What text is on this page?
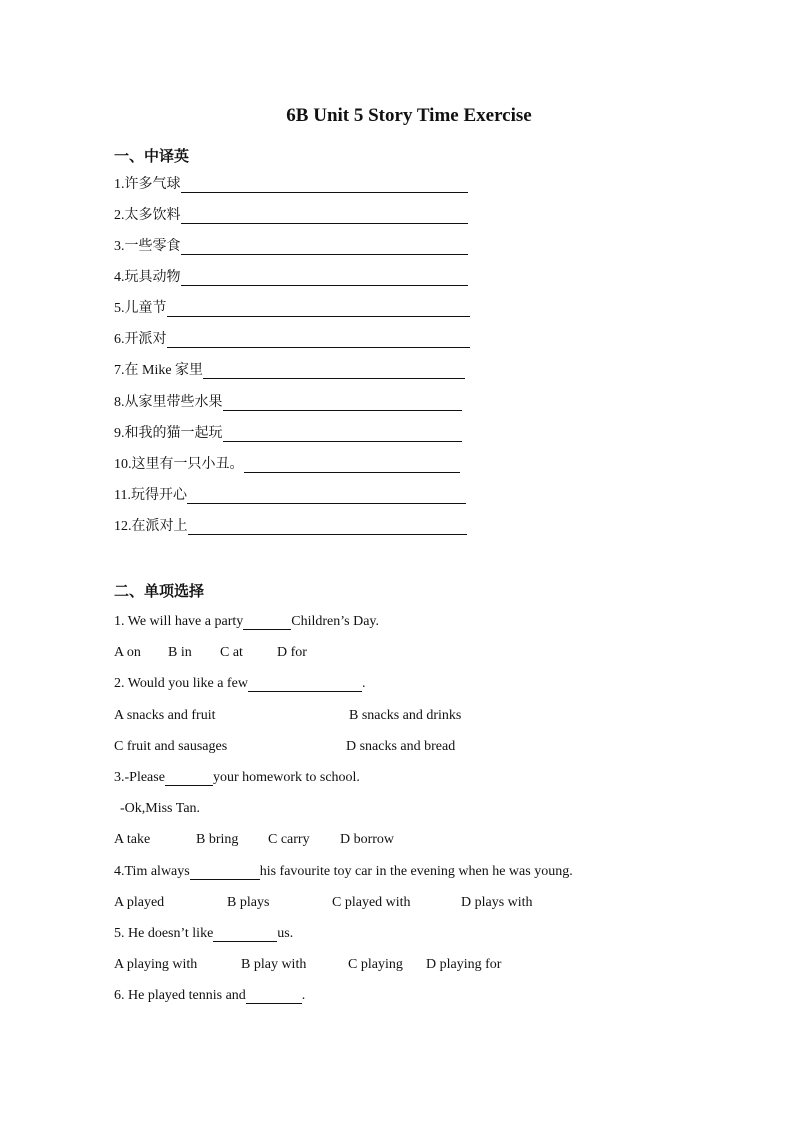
6B Unit 5 Story Time Exercise
一、中译英
1.许多气球
2.太多饮料
3.一些零食
4.玩具动物
5.儿童节
6.开派对
7.在 Mike 家里
8.从家里带些水果
9.和我的猫一起玩
10.这里有一只小丑。
11.玩得开心
12.在派对上
二、单项选择
1. We will have a party	Children’s Day.
A on B in C at D for
2. Would you like a few	.
A snacks and fruit	B snacks and drinks
C fruit and sausages	D snacks and bread
3.-Please	your homework to school.
-Ok,Miss Tan.
A take	B bring C carry D borrow
4.Tim always	his favourite toy car in the evening when he was young.
A played	B plays	C played with	D plays with
5. He doesn’t like	us.
A playing with	B play with	C playing D playing for
6. He played tennis and	.
